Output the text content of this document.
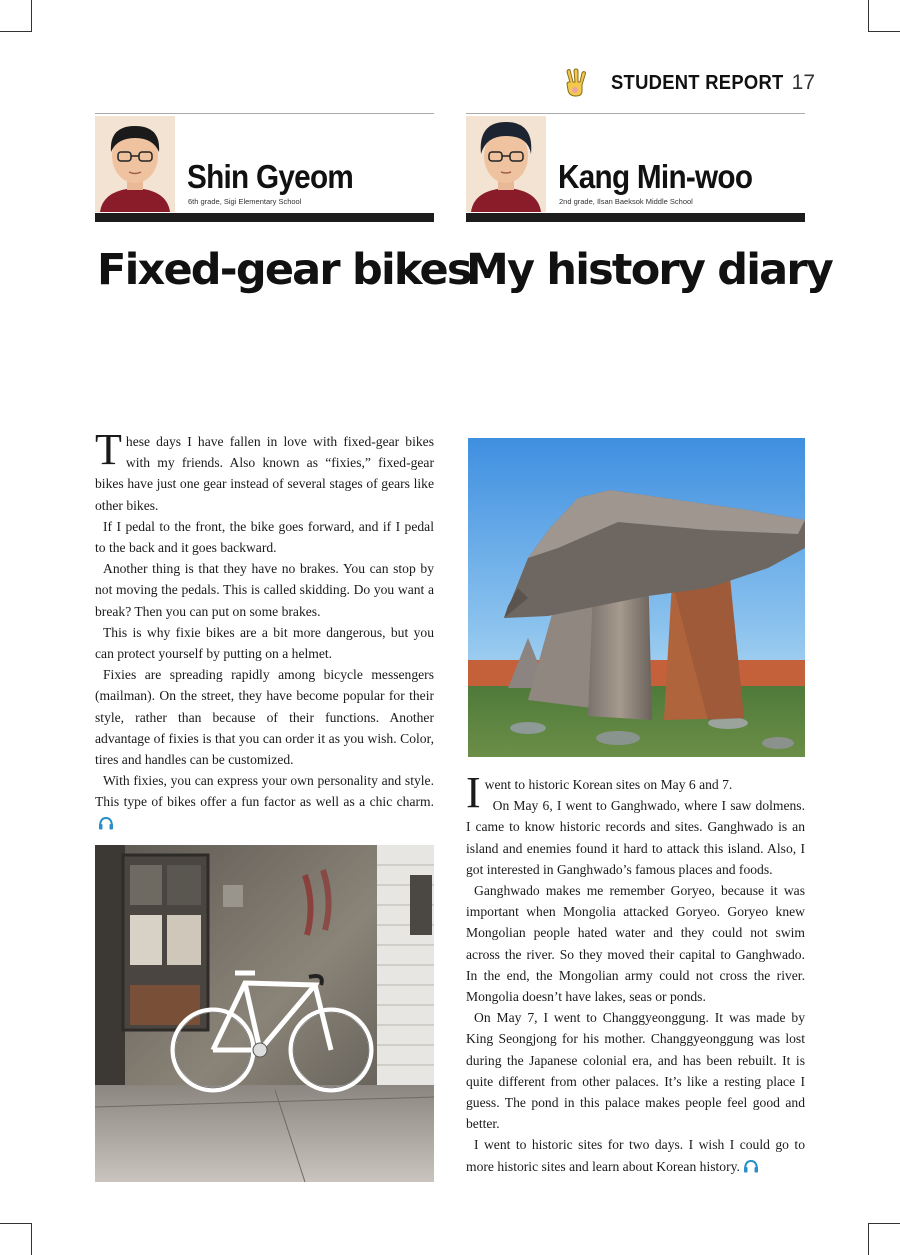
STUDENT REPORT 17
Shin Gyeom
6th grade, Sigi Elementary School
Fixed-gear bikes

These days I have fallen in love with fixed-gear bikes with my friends. Also known as “fixies,” fixed-gear bikes have just one gear instead of several stages of gears like other bikes.

If I pedal to the front, the bike goes forward, and if I pedal to the back and it goes backward.

Another thing is that they have no brakes. You can stop by not moving the pedals. This is called skidding. Do you want a break? Then you can put on some brakes.

This is why fixie bikes are a bit more dangerous, but you can protect yourself by putting on a helmet.

Fixies are spreading rapidly among bicycle messengers (mailman). On the street, they have become popular for their style, rather than because of their functions. Another advantage of fixies is that you can order it as you wish. Color, tires and handles can be customized.

With fixies, you can express your own personality and style. This type of bikes offer a fun factor as well as a chic charm.

Kang Min-woo
2nd grade, Ilsan Baeksok Middle School
My history diary

Iwent to historic Korean sites on May 6 and 7.

On May 6, I went to Ganghwado, where I saw dolmens. I came to know historic records and sites. Ganghwado is an island and enemies found it hard to attack this island. Also, I got interested in Ganghwado’s famous places and foods.

Ganghwado makes me remember Goryeo, because it was important when Mongolia attacked Goryeo. Goryeo knew Mongolian people hated water and they could not swim across the river. So they moved their capital to Ganghwado. In the end, the Mongolian army could not cross the river. Mongolia doesn’t have lakes, seas or ponds.

On May 7, I went to Changgyeonggung. It was made by King Seongjong for his mother. Changgyeonggung was lost during the Japanese colonial era, and has been rebuilt. It is quite different from other palaces. It’s like a resting place I guess. The pond in this palace makes people feel good and better.

I went to historic sites for two days. I wish I could go to more historic sites and learn about Korean history.
